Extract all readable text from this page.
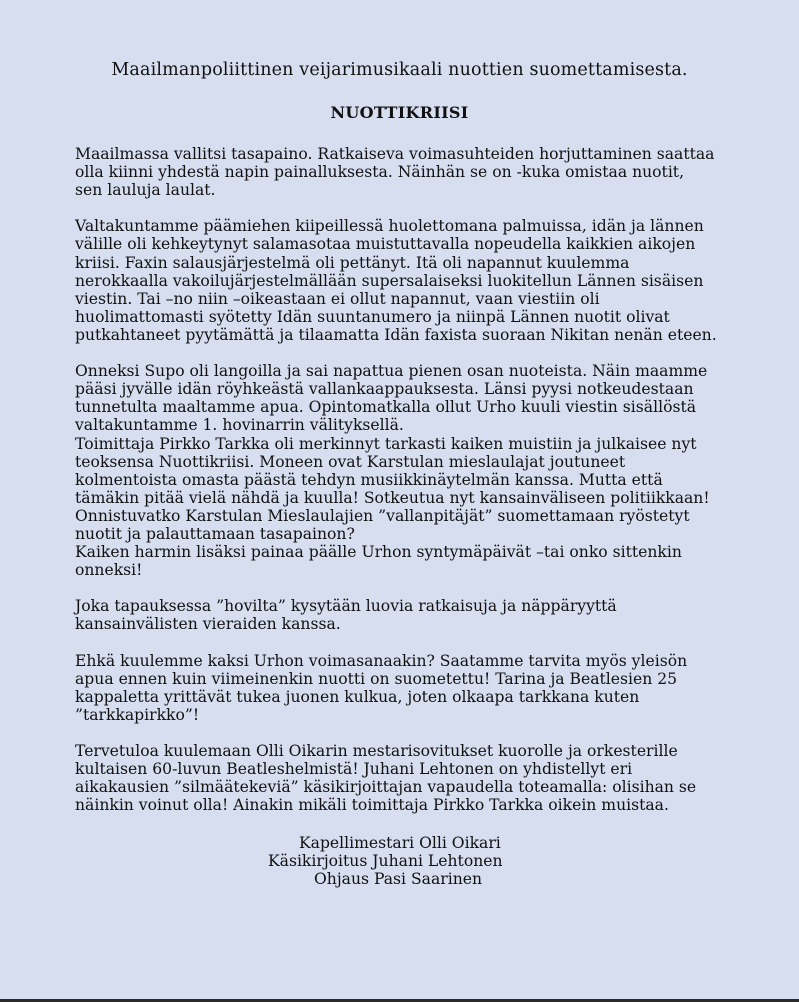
Maailmanpoliittinen veijarimusikaali nuottien suomettamisesta.
NUOTTIKRIISI

Maailmassa vallitsi tasapaino. Ratkaiseva voimasuhteiden horjuttaminen saattaa
olla kiinni yhdestä napin painalluksesta. Näinhän se on -kuka omistaa nuotit,
sen lauluja laulat.

Valtakuntamme päämiehen kiipeillessä huolettomana palmuissa, idän ja lännen
välille oli kehkeytynyt salamasotaa muistuttavalla nopeudella kaikkien aikojen
kriisi. Faxin salausjärjestelmä oli pettänyt. Itä oli napannut kuulemma
nerokkaalla vakoilujärjestelmällään supersalaiseksi luokitellun Lännen sisäisen
viestin. Tai –no niin –oikeastaan ei ollut napannut, vaan viestiin oli
huolimattomasti syötetty Idän suuntanumero ja niinpä Lännen nuotit olivat
putkahtaneet pyytämättä ja tilaamatta Idän faxista suoraan Nikitan nenän eteen.

Onneksi Supo oli langoilla ja sai napattua pienen osan nuoteista. Näin maamme
pääsi jyvälle idän röyhkeästä vallankaappauksesta. Länsi pyysi notkeudestaan
tunnetulta maaltamme apua. Opintomatkalla ollut Urho kuuli viestin sisällöstä
valtakuntamme 1. hovinarrin välityksellä.
Toimittaja Pirkko Tarkka oli merkinnyt tarkasti kaiken muistiin ja julkaisee nyt
teoksensa Nuottikriisi. Moneen ovat Karstulan mieslaulajat joutuneet
kolmentoista omasta päästä tehdyn musiikkinäytelmän kanssa. Mutta että
tämäkin pitää vielä nähdä ja kuulla! Sotkeutua nyt kansainväliseen politiikkaan!
Onnistuvatko Karstulan Mieslaulajien ”vallanpitäjät” suomettamaan ryöstetyt
nuotit ja palauttamaan tasapainon?
Kaiken harmin lisäksi painaa päälle Urhon syntymäpäivät –tai onko sittenkin
onneksi!

Joka tapauksessa ”hovilta” kysytään luovia ratkaisuja ja näppäryyttä
kansainvälisten vieraiden kanssa.

Ehkä kuulemme kaksi Urhon voimasanaakin? Saatamme tarvita myös yleisön
apua ennen kuin viimeinenkin nuotti on suometettu! Tarina ja Beatlesien 25
kappaletta yrittävät tukea juonen kulkua, joten olkaapa tarkkana kuten
”tarkkapirkko”!

Tervetuloa kuulemaan Olli Oikarin mestarisovitukset kuorolle ja orkesterille
kultaisen 60-luvun Beatleshelmistä! Juhani Lehtonen on yhdistellyt eri
aikakausien ”silmäätekeviä” käsikirjoittajan vapaudella toteamalla: olisihan se
näinkin voinut olla! Ainakin mikäli toimittaja Pirkko Tarkka oikein muistaa.

Kapellimestari Olli Oikari
Käsikirjoitus Juhani Lehtonen
Ohjaus Pasi Saarinen
